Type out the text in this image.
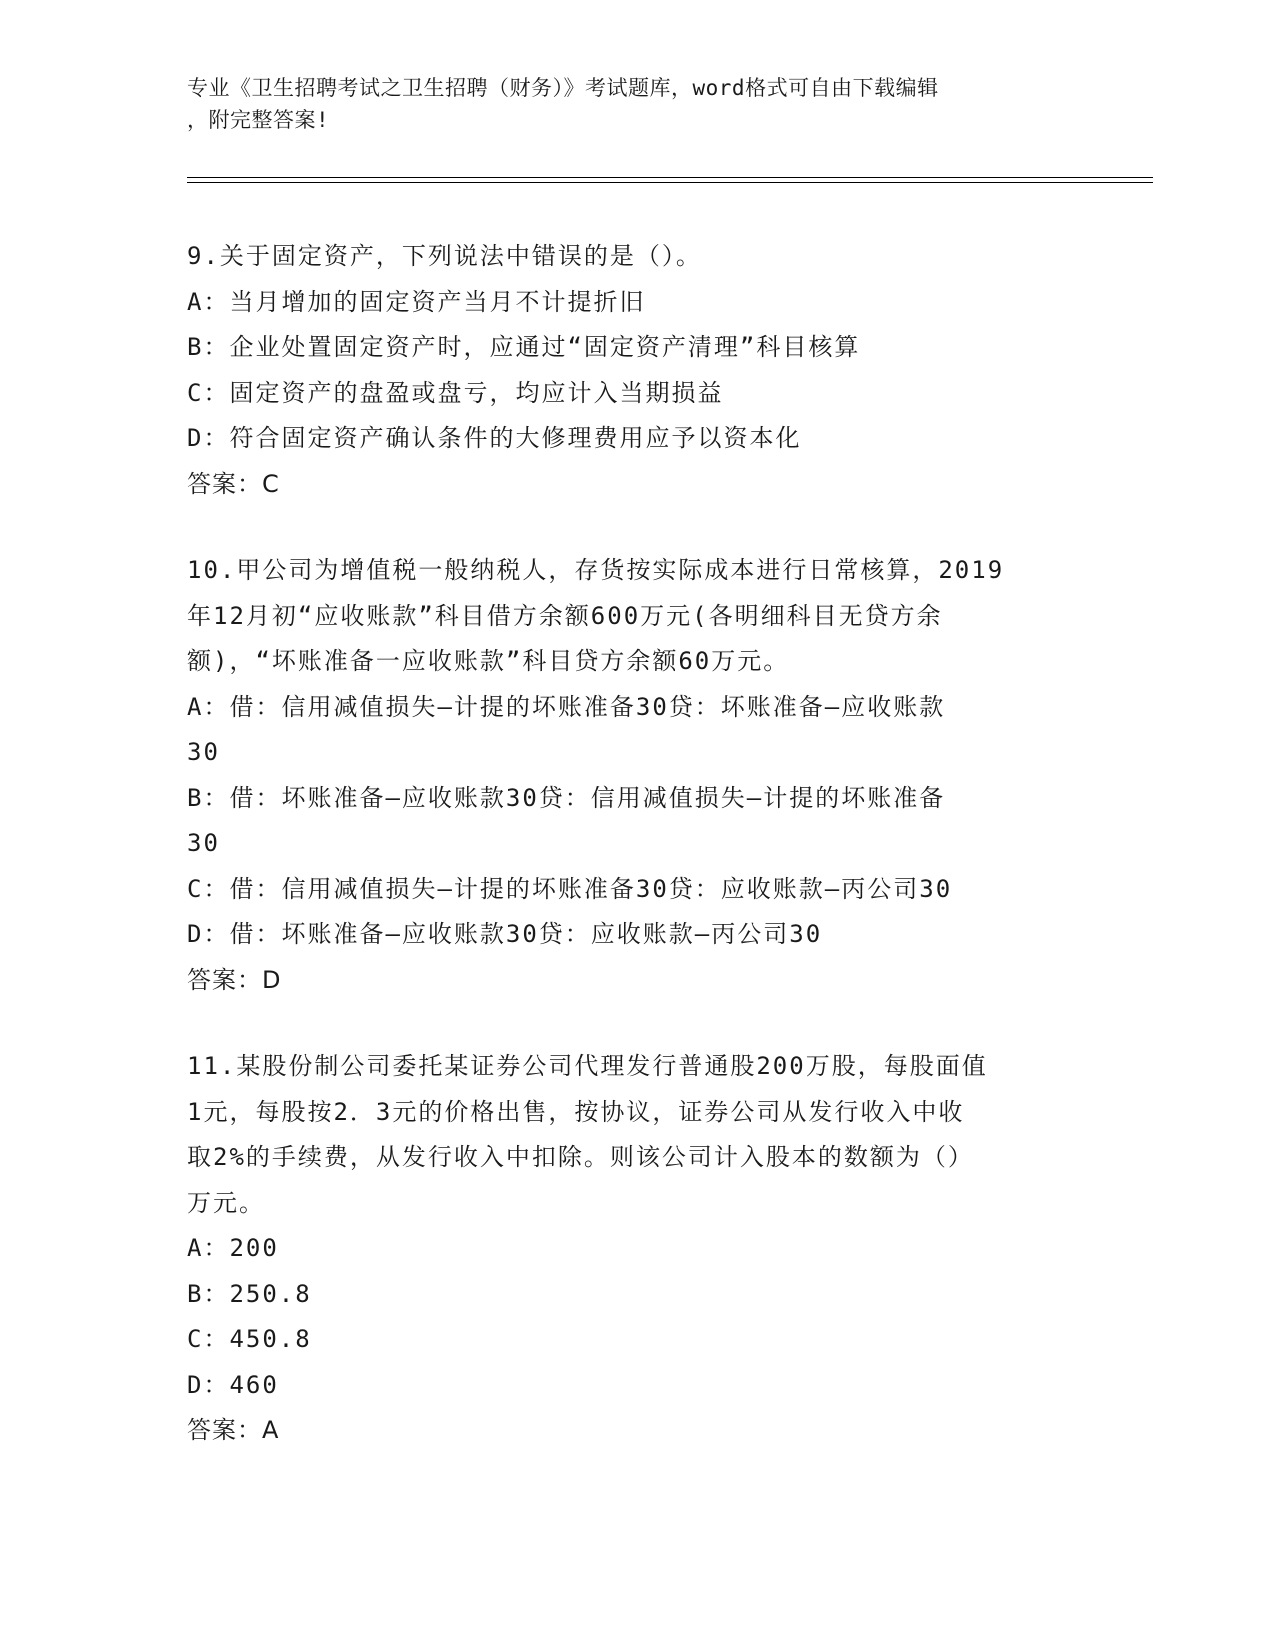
专业《卫生招聘考试之卫生招聘（财务）》考试题库，word格式可自由下载编辑
，附完整答案!
9.关于固定资产，下列说法中错误的是（）。
A：当月增加的固定资产当月不计提折旧
B：企业处置固定资产时，应通过“固定资产清理”科目核算
C：固定资产的盘盈或盘亏，均应计入当期损益
D：符合固定资产确认条件的大修理费用应予以资本化
答案：C
10.甲公司为增值税一般纳税人，存货按实际成本进行日常核算，2019
年12月初“应收账款”科目借方余额600万元(各明细科目无贷方余
额)，“坏账准备一应收账款”科目贷方余额60万元。
A：借：信用减值损失—计提的坏账准备30贷：坏账准备—应收账款
30
B：借：坏账准备—应收账款30贷：信用减值损失—计提的坏账准备
30
C：借：信用减值损失—计提的坏账准备30贷：应收账款—丙公司30
D：借：坏账准备—应收账款30贷：应收账款—丙公司30
答案：D
11.某股份制公司委托某证券公司代理发行普通股200万股，每股面值
1元，每股按2．3元的价格出售，按协议，证券公司从发行收入中收
取2%的手续费，从发行收入中扣除。则该公司计入股本的数额为（）
万元。
A：200
B：250.8
C：450.8
D：460
答案：A
